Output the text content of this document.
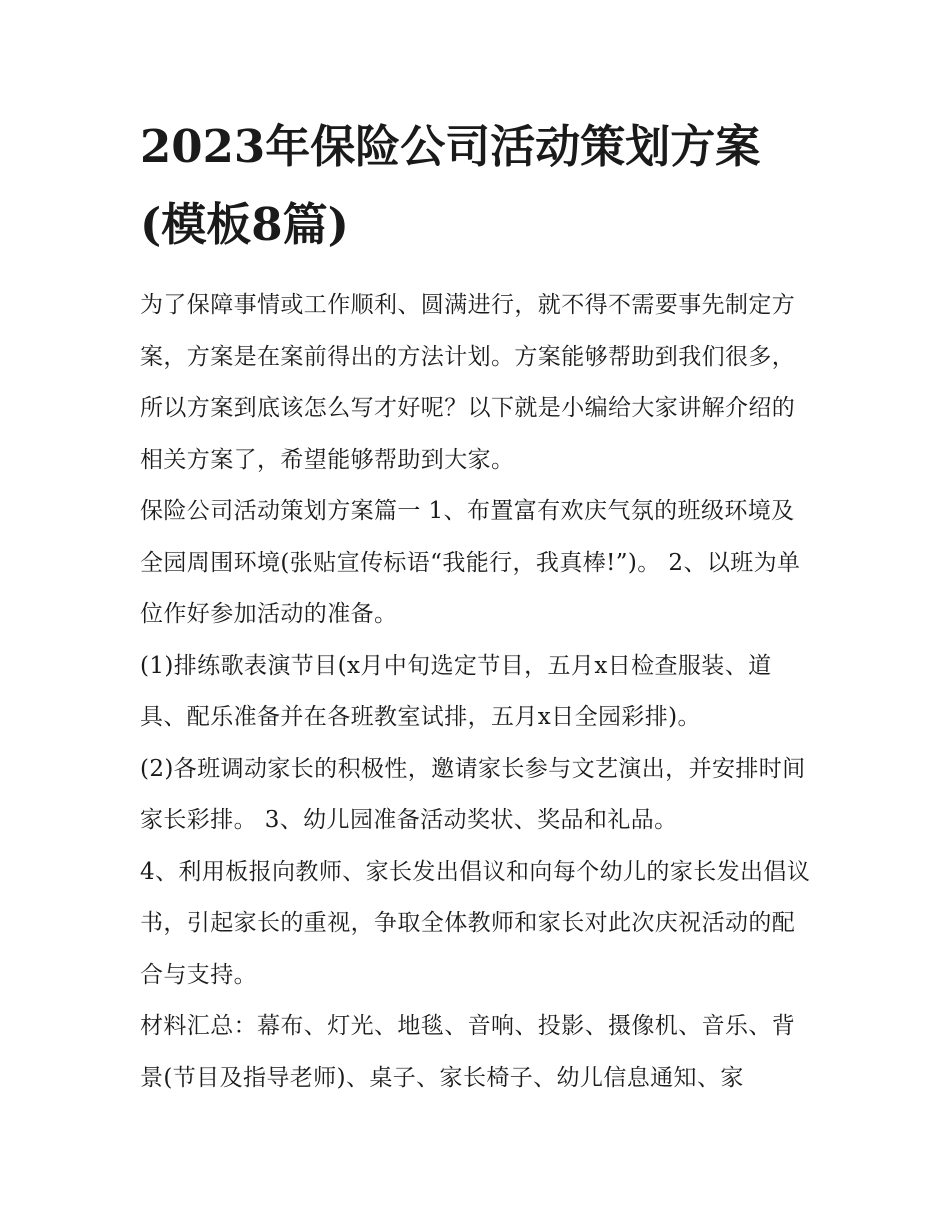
2023年保险公司活动策划方案(模板8篇)

为了保障事情或工作顺利、圆满进行，就不得不需要事先制定方案，方案是在案前得出的方法计划。方案能够帮助到我们很多，所以方案到底该怎么写才好呢？以下就是小编给大家讲解介绍的相关方案了，希望能够帮助到大家。

保险公司活动策划方案篇一 1、布置富有欢庆气氛的班级环境及全园周围环境(张贴宣传标语“我能行，我真棒!”)。 2、以班为单位作好参加活动的准备。

(1)排练歌表演节目(x月中旬选定节目，五月x日检查服装、道具、配乐准备并在各班教室试排，五月x日全园彩排)。

(2)各班调动家长的积极性，邀请家长参与文艺演出，并安排时间家长彩排。 3、幼儿园准备活动奖状、奖品和礼品。

4、利用板报向教师、家长发出倡议和向每个幼儿的家长发出倡议书，引起家长的重视，争取全体教师和家长对此次庆祝活动的配合与支持。

材料汇总：幕布、灯光、地毯、音响、投影、摄像机、音乐、背景(节目及指导老师)、桌子、家长椅子、幼儿信息通知、家
